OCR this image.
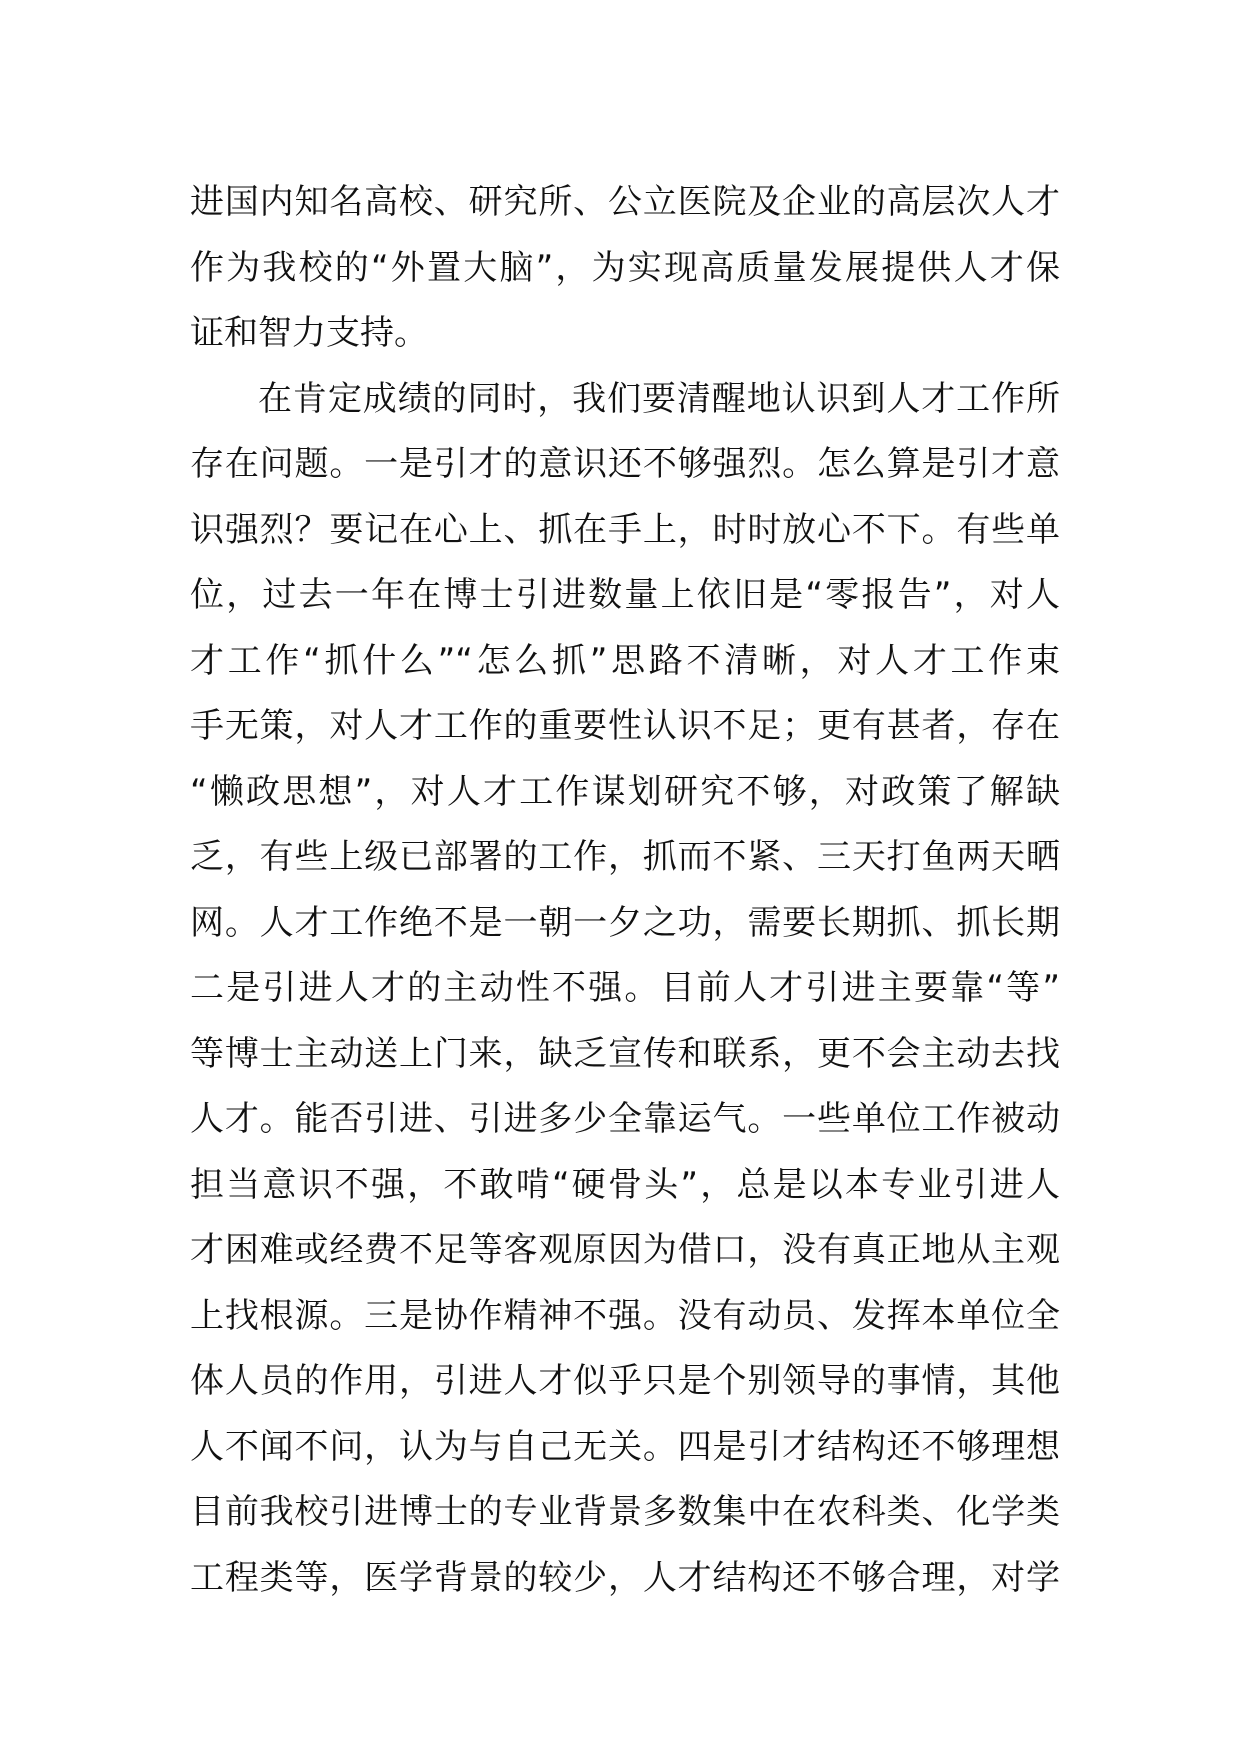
进国内知名高校、研究所、公立医院及企业的高层次人才
作为我校的“外置大脑”，为实现高质量发展提供人才保
证和智力支持。
在肯定成绩的同时，我们要清醒地认识到人才工作所
存在问题。一是引才的意识还不够强烈。怎么算是引才意
识强烈？要记在心上、抓在手上，时时放心不下。有些单
位，过去一年在博士引进数量上依旧是“零报告”，对人
才工作“抓什么”“怎么抓”思路不清晰，对人才工作束
手无策，对人才工作的重要性认识不足；更有甚者，存在
“懒政思想”，对人才工作谋划研究不够，对政策了解缺
乏，有些上级已部署的工作，抓而不紧、三天打鱼两天晒
网。人才工作绝不是一朝一夕之功，需要长期抓、抓长期
二是引进人才的主动性不强。目前人才引进主要靠“等”
等博士主动送上门来，缺乏宣传和联系，更不会主动去找
人才。能否引进、引进多少全靠运气。一些单位工作被动
担当意识不强，不敢啃“硬骨头”，总是以本专业引进人
才困难或经费不足等客观原因为借口，没有真正地从主观
上找根源。三是协作精神不强。没有动员、发挥本单位全
体人员的作用，引进人才似乎只是个别领导的事情，其他
人不闻不问，认为与自己无关。四是引才结构还不够理想
目前我校引进博士的专业背景多数集中在农科类、化学类
工程类等，医学背景的较少，人才结构还不够合理，对学
